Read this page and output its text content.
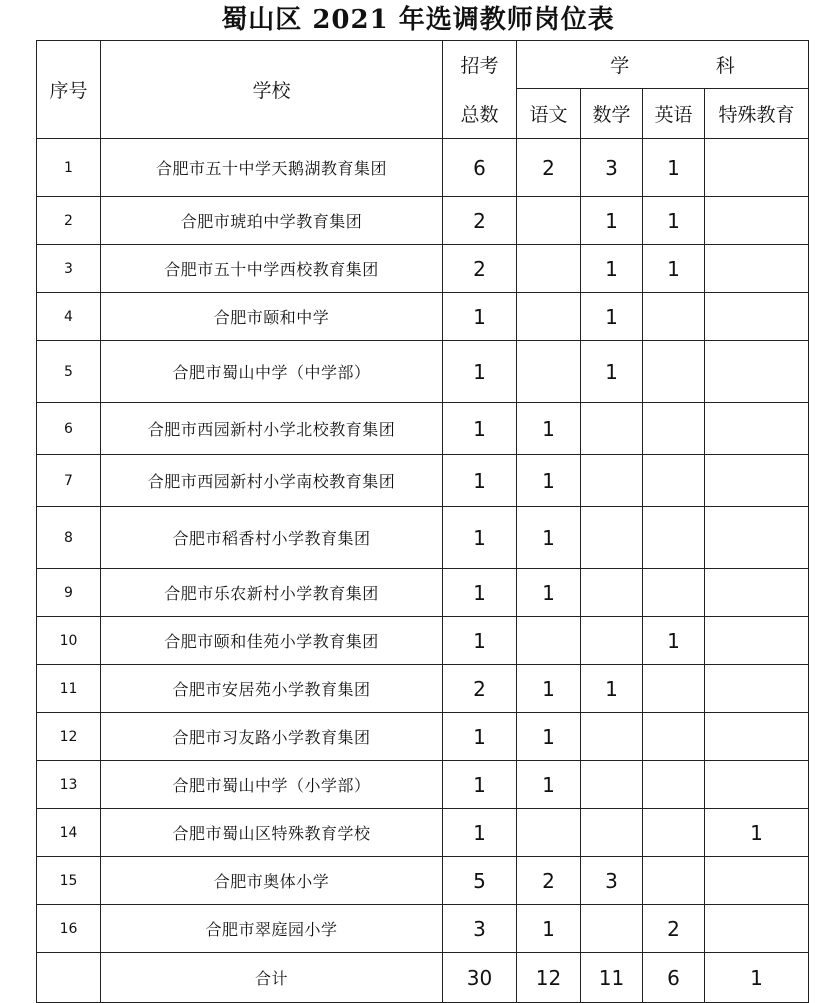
蜀山区 2021 年选调教师岗位表
序号	学校	招考	学 科			

		总数	语文	数学	英语	特殊教育
1	合肥市五十中学天鹅湖教育集团	6	2	3	1	
2	合肥市琥珀中学教育集团	2		1	1	
3	合肥市五十中学西校教育集团	2		1	1	
4	合肥市颐和中学	1		1		
5	合肥市蜀山中学（中学部）	1		1		
6	合肥市西园新村小学北校教育集团	1	1			
7	合肥市西园新村小学南校教育集团	1	1			
8	合肥市稻香村小学教育集团	1	1			
9	合肥市乐农新村小学教育集团	1	1			
10	合肥市颐和佳苑小学教育集团	1			1	
11	合肥市安居苑小学教育集团	2	1	1		
12	合肥市习友路小学教育集团	1	1			
13	合肥市蜀山中学（小学部）	1	1			
14	合肥市蜀山区特殊教育学校	1				1
15	合肥市奥体小学	5	2	3		
16	合肥市翠庭园小学	3	1		2	
	合计	30	12	11	6	1
